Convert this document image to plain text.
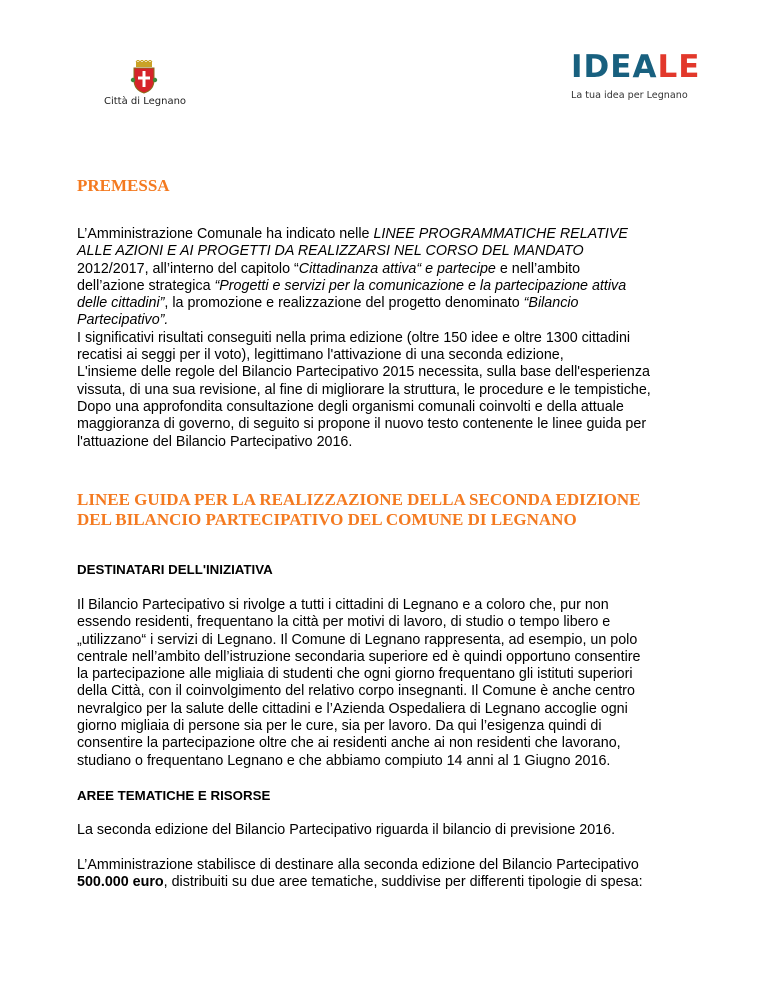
Città di Legnano
IDEALE
La tua idea per Legnano
PREMESSA
L’Amministrazione Comunale ha indicato nelle LINEE PROGRAMMATICHE RELATIVE
ALLE AZIONI E AI PROGETTI DA REALIZZARSI NEL CORSO DEL MANDATO
2012/2017, all’interno del capitolo “Cittadinanza attiva“ e partecipe e nell’ambito
dell’azione strategica “Progetti e servizi per la comunicazione e la partecipazione attiva
delle cittadini”, la promozione e realizzazione del progetto denominato “Bilancio
Partecipativo”.
I significativi risultati conseguiti nella prima edizione (oltre 150 idee e oltre 1300 cittadini
recatisi ai seggi per il voto), legittimano l'attivazione di una seconda edizione,
L'insieme delle regole del Bilancio Partecipativo 2015 necessita, sulla base dell'esperienza
vissuta, di una sua revisione, al fine di migliorare la struttura, le procedure e le tempistiche,
Dopo una approfondita consultazione degli organismi comunali coinvolti e della attuale
maggioranza di governo, di seguito si propone il nuovo testo contenente le linee guida per
l'attuazione del Bilancio Partecipativo 2016.
LINEE GUIDA PER LA REALIZZAZIONE DELLA SECONDA EDIZIONE
DEL BILANCIO PARTECIPATIVO DEL COMUNE DI LEGNANO
DESTINATARI DELL'INIZIATIVA
Il Bilancio Partecipativo si rivolge a tutti i cittadini di Legnano e a coloro che, pur non
essendo residenti, frequentano la città per motivi di lavoro, di studio o tempo libero e
„utilizzano“ i servizi di Legnano. Il Comune di Legnano rappresenta, ad esempio, un polo
centrale nell’ambito dell’istruzione secondaria superiore ed è quindi opportuno consentire
la partecipazione alle migliaia di studenti che ogni giorno frequentano gli istituti superiori
della Città, con il coinvolgimento del relativo corpo insegnanti. Il Comune è anche centro
nevralgico per la salute delle cittadini e l’Azienda Ospedaliera di Legnano accoglie ogni
giorno migliaia di persone sia per le cure, sia per lavoro. Da qui l’esigenza quindi di
consentire la partecipazione oltre che ai residenti anche ai non residenti che lavorano,
studiano o frequentano Legnano e che abbiamo compiuto 14 anni al 1 Giugno 2016.
AREE TEMATICHE E RISORSE
La seconda edizione del Bilancio Partecipativo riguarda il bilancio di previsione 2016.
L’Amministrazione stabilisce di destinare alla seconda edizione del Bilancio Partecipativo
500.000 euro, distribuiti su due aree tematiche, suddivise per differenti tipologie di spesa:
